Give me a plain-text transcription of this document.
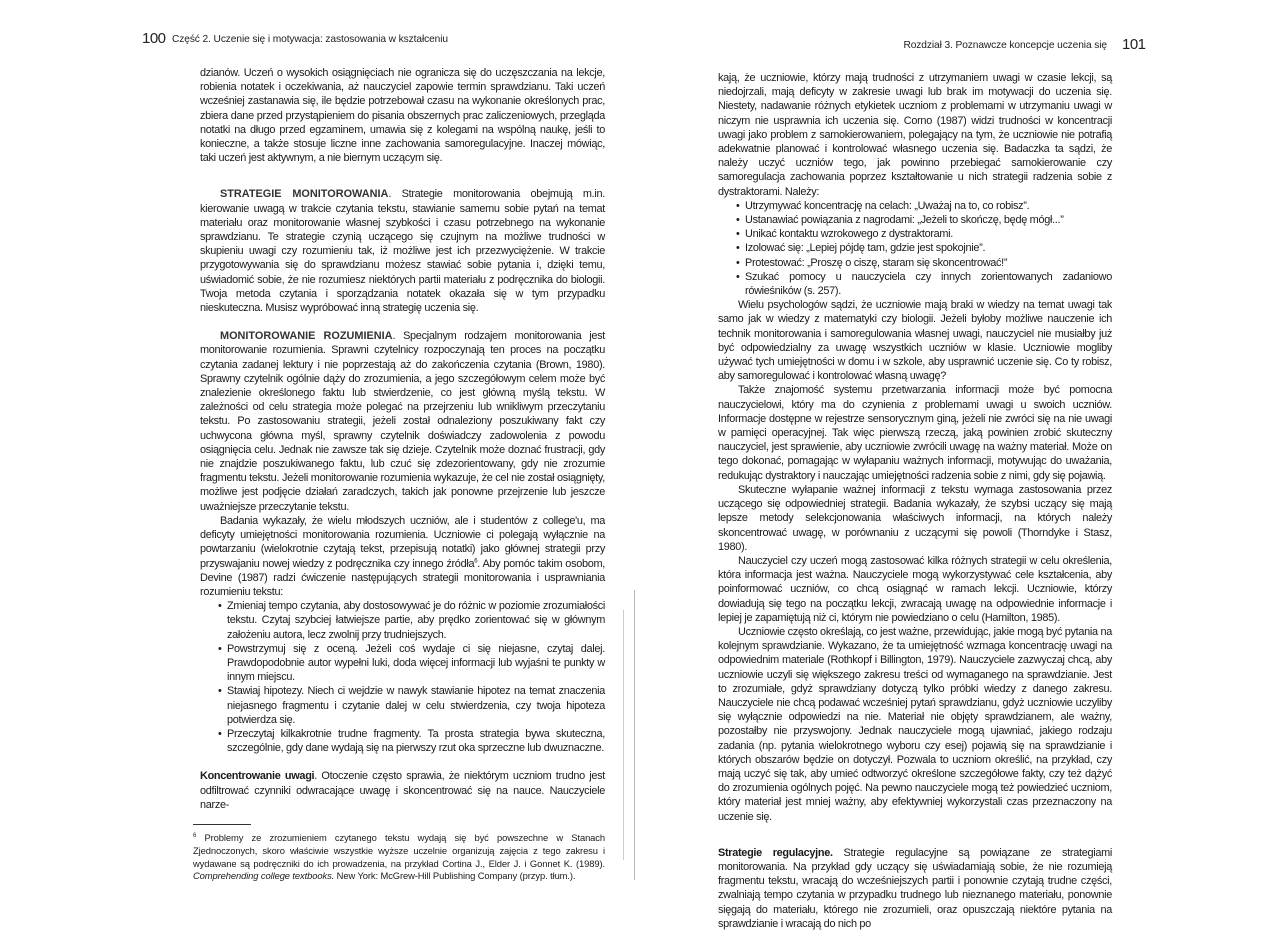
100 Część 2. Uczenie się i motywacja: zastosowania w kształceniu

dzianów. Uczeń o wysokich osiągnięciach nie ogranicza się do uczęszczania na lekcje, robienia notatek i oczekiwania, aż nauczyciel zapowie termin sprawdzianu. Taki uczeń wcześniej zastanawia się, ile będzie potrzebował czasu na wykonanie określonych prac, zbiera dane przed przystąpieniem do pisania obszernych prac zaliczeniowych, przegląda notatki na długo przed egzaminem, umawia się z kolegami na wspólną naukę, jeśli to konieczne, a także stosuje liczne inne zachowania samoregulacyjne. Inaczej mówiąc, taki uczeń jest aktywnym, a nie biernym uczącym się.

STRATEGIE MONITOROWANIA. Strategie monitorowania obejmują m.in. kierowanie uwagą w trakcie czytania tekstu, stawianie samemu sobie pytań na temat materiału oraz monitorowanie własnej szybkości i czasu potrzebnego na wykonanie sprawdzianu. Te strategie czynią uczącego się czujnym na możliwe trudności w skupieniu uwagi czy rozumieniu tak, iż możliwe jest ich przezwyciężenie. W trakcie przygotowywania się do sprawdzianu możesz stawiać sobie pytania i, dzięki temu, uświadomić sobie, że nie rozumiesz niektórych partii materiału z podręcznika do biologii. Twoja metoda czytania i sporządzania notatek okazała się w tym przypadku nieskuteczna. Musisz wypróbować inną strategię uczenia się.

MONITOROWANIE ROZUMIENIA. Specjalnym rodzajem monitorowania jest monitorowanie rozumienia. Sprawni czytelnicy rozpoczynają ten proces na początku czytania zadanej lektury i nie poprzestają aż do zakończenia czytania (Brown, 1980). Sprawny czytelnik ogólnie dąży do zrozumienia, a jego szczegółowym celem może być znalezienie określonego faktu lub stwierdzenie, co jest główną myślą tekstu. W zależności od celu strategia może polegać na przejrzeniu lub wnikliwym przeczytaniu tekstu. Po zastosowaniu strategii, jeżeli został odnaleziony poszukiwany fakt czy uchwycona główna myśl, sprawny czytelnik doświadczy zadowolenia z powodu osiągnięcia celu. Jednak nie zawsze tak się dzieje. Czytelnik może doznać frustracji, gdy nie znajdzie poszukiwanego faktu, lub czuć się zdezorientowany, gdy nie zrozumie fragmentu tekstu. Jeżeli monitorowanie rozumienia wykazuje, że cel nie został osiągnięty, możliwe jest podjęcie działań zaradczych, takich jak ponowne przejrzenie lub jeszcze uważniejsze przeczytanie tekstu.

Badania wykazały, że wielu młodszych uczniów, ale i studentów z college'u, ma deficyty umiejętności monitorowania rozumienia. Uczniowie ci polegają wyłącznie na powtarzaniu (wielokrotnie czytają tekst, przepisują notatki) jako głównej strategii przy przyswajaniu nowej wiedzy z podręcznika czy innego źródła$^6$. Aby pomóc takim osobom, Devine (1987) radzi ćwiczenie następujących strategii monitorowania i usprawniania rozumieniu tekstu:

• Zmieniaj tempo czytania, aby dostosowywać je do różnic w poziomie zrozumiałości tekstu. Czytaj szybciej łatwiejsze partie, aby prędko zorientować się w głównym założeniu autora, lecz zwolnij przy trudniejszych.
• Powstrzymuj się z oceną. Jeżeli coś wydaje ci się niejasne, czytaj dalej. Prawdopodobnie autor wypełni luki, doda więcej informacji lub wyjaśni te punkty w innym miejscu.
• Stawiaj hipotezy. Niech ci wejdzie w nawyk stawianie hipotez na temat znaczenia niejasnego fragmentu i czytanie dalej w celu stwierdzenia, czy twoja hipoteza potwierdza się.
• Przeczytaj kilkakrotnie trudne fragmenty. Ta prosta strategia bywa skuteczna, szczególnie, gdy dane wydają się na pierwszy rzut oka sprzeczne lub dwuznaczne.

Koncentrowanie uwagi. Otoczenie często sprawia, że niektórym uczniom trudno jest odfiltrować czynniki odwracające uwagę i skoncentrować się na nauce. Nauczyciele narze-

$^6$ Problemy ze zrozumieniem czytanego tekstu wydają się być powszechne w Stanach Zjednoczonych, skoro właściwie wszystkie wyższe uczelnie organizują zajęcia z tego zakresu i wydawane są podręczniki do ich prowadzenia, na przykład Cortina J., Elder J. i Gonnet K. (1989). Comprehending college textbooks. New York: McGrew-Hill Publishing Company (przyp. tłum.).
Rozdział 3. Poznawcze koncepcje uczenia się 101

kają, że uczniowie, którzy mają trudności z utrzymaniem uwagi w czasie lekcji, są niedojrzali, mają deficyty w zakresie uwagi lub brak im motywacji do uczenia się. Niestety, nadawanie różnych etykietek uczniom z problemami w utrzymaniu uwagi w niczym nie usprawnia ich uczenia się. Corno (1987) widzi trudności w koncentracji uwagi jako problem z samokierowaniem, polegający na tym, że uczniowie nie potrafią adekwatnie planować i kontrolować własnego uczenia się. Badaczka ta sądzi, że należy uczyć uczniów tego, jak powinno przebiegać samokierowanie czy samoregulacja zachowania poprzez kształtowanie u nich strategii radzenia sobie z dystraktorami. Należy:

• Utrzymywać koncentrację na celach: „Uważaj na to, co robisz”.
• Ustanawiać powiązania z nagrodami: „Jeżeli to skończę, będę mógł...”
• Unikać kontaktu wzrokowego z dystraktorami.
• Izolować się: „Lepiej pójdę tam, gdzie jest spokojnie”.
• Protestować: „Proszę o ciszę, staram się skoncentrować!”
• Szukać pomocy u nauczyciela czy innych zorientowanych zadaniowo rówieśników (s. 257).

Wielu psychologów sądzi, że uczniowie mają braki w wiedzy na temat uwagi tak samo jak w wiedzy z matematyki czy biologii. Jeżeli byłoby możliwe nauczenie ich technik monitorowania i samoregulowania własnej uwagi, nauczyciel nie musiałby już być odpowiedzialny za uwagę wszystkich uczniów w klasie. Uczniowie mogliby używać tych umiejętności w domu i w szkole, aby usprawnić uczenie się. Co ty robisz, aby samoregulować i kontrolować własną uwagę?

Także znajomość systemu przetwarzania informacji może być pomocna nauczycielowi, który ma do czynienia z problemami uwagi u swoich uczniów. Informacje dostępne w rejestrze sensorycznym giną, jeżeli nie zwróci się na nie uwagi w pamięci operacyjnej. Tak więc pierwszą rzeczą, jaką powinien zrobić skuteczny nauczyciel, jest sprawienie, aby uczniowie zwrócili uwagę na ważny materiał. Może on tego dokonać, pomagając w wyłapaniu ważnych informacji, motywując do uważania, redukując dystraktory i nauczając umiejętności radzenia sobie z nimi, gdy się pojawią.

Skuteczne wyłapanie ważnej informacji z tekstu wymaga zastosowania przez uczącego się odpowiedniej strategii. Badania wykazały, że szybsi uczący się mają lepsze metody selekcjonowania właściwych informacji, na których należy skoncentrować uwagę, w porównaniu z uczącymi się powoli (Thorndyke i Stasz, 1980).

Nauczyciel czy uczeń mogą zastosować kilka różnych strategii w celu określenia, która informacja jest ważna. Nauczyciele mogą wykorzystywać cele kształcenia, aby poinformować uczniów, co chcą osiągnąć w ramach lekcji. Uczniowie, którzy dowiadują się tego na początku lekcji, zwracają uwagę na odpowiednie informacje i lepiej je zapamiętują niż ci, którym nie powiedziano o celu (Hamilton, 1985).

Uczniowie często określają, co jest ważne, przewidując, jakie mogą być pytania na kolejnym sprawdzianie. Wykazano, że ta umiejętność wzmaga koncentrację uwagi na odpowiednim materiale (Rothkopf i Billington, 1979). Nauczyciele zazwyczaj chcą, aby uczniowie uczyli się większego zakresu treści od wymaganego na sprawdzianie. Jest to zrozumiałe, gdyż sprawdziany dotyczą tylko próbki wiedzy z danego zakresu. Nauczyciele nie chcą podawać wcześniej pytań sprawdzianu, gdyż uczniowie uczyliby się wyłącznie odpowiedzi na nie. Materiał nie objęty sprawdzianem, ale ważny, pozostałby nie przyswojony. Jednak nauczyciele mogą ujawniać, jakiego rodzaju zadania (np. pytania wielokrotnego wyboru czy esej) pojawią się na sprawdzianie i których obszarów będzie on dotyczył. Pozwala to uczniom określić, na przykład, czy mają uczyć się tak, aby umieć odtworzyć określone szczegółowe fakty, czy też dążyć do zrozumienia ogólnych pojęć. Na pewno nauczyciele mogą też powiedzieć uczniom, który materiał jest mniej ważny, aby efektywniej wykorzystali czas przeznaczony na uczenie się.

Strategie regulacyjne. Strategie regulacyjne są powiązane ze strategiami monitorowania. Na przykład gdy uczący się uświadamiają sobie, że nie rozumieją fragmentu tekstu, wracają do wcześniejszych partii i ponownie czytają trudne części, zwalniają tempo czytania w przypadku trudnego lub nieznanego materiału, ponownie sięgają do materiału, którego nie zrozumieli, oraz opuszczają niektóre pytania na sprawdzianie i wracają do nich po
